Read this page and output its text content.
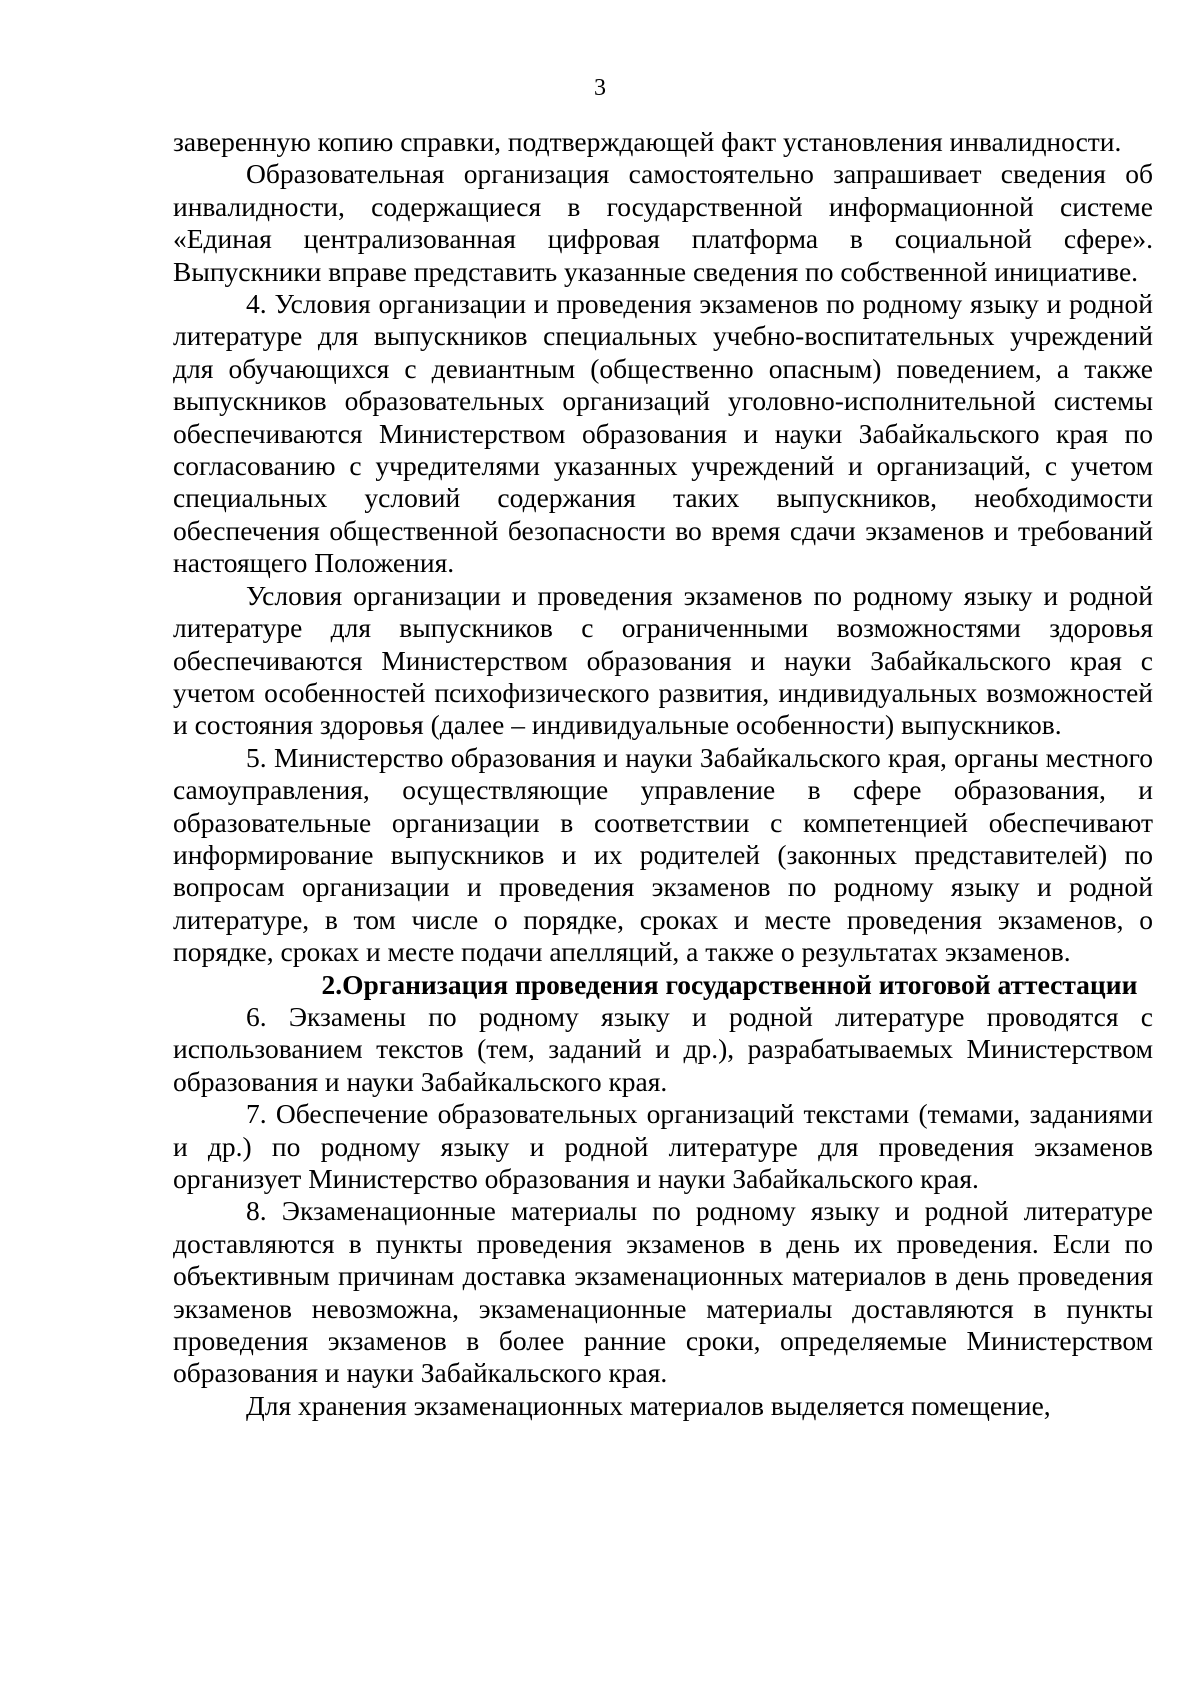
3

заверенную копию справки, подтверждающей факт установления инвалидности.

Образовательная организация самостоятельно запрашивает сведения об инвалидности, содержащиеся в государственной информационной системе «Единая централизованная цифровая платформа в социальной сфере». Выпускники вправе представить указанные сведения по собственной инициативе.

4. Условия организации и проведения экзаменов по родному языку и родной литературе для выпускников специальных учебно-воспитательных учреждений для обучающихся с девиантным (общественно опасным) поведением, а также выпускников образовательных организаций уголовно-исполнительной системы обеспечиваются Министерством образования и науки Забайкальского края по согласованию с учредителями указанных учреждений и организаций, с учетом специальных условий содержания таких выпускников, необходимости обеспечения общественной безопасности во время сдачи экзаменов и требований настоящего Положения.

Условия организации и проведения экзаменов по родному языку и родной литературе для выпускников с ограниченными возможностями здоровья обеспечиваются Министерством образования и науки Забайкальского края с учетом особенностей психофизического развития, индивидуальных возможностей и состояния здоровья (далее – индивидуальные особенности) выпускников.

5. Министерство образования и науки Забайкальского края, органы местного самоуправления, осуществляющие управление в сфере образования, и образовательные организации в соответствии с компетенцией обеспечивают информирование выпускников и их родителей (законных представителей) по вопросам организации и проведения экзаменов по родному языку и родной литературе, в том числе о порядке, сроках и месте проведения экзаменов, о порядке, сроках и месте подачи апелляций, а также о результатах экзаменов.

2.Организация проведения государственной итоговой аттестации

6. Экзамены по родному языку и родной литературе проводятся с использованием текстов (тем, заданий и др.), разрабатываемых Министерством образования и науки Забайкальского края.

7. Обеспечение образовательных организаций текстами (темами, заданиями и др.) по родному языку и родной литературе для проведения экзаменов организует Министерство образования и науки Забайкальского края.

8. Экзаменационные материалы по родному языку и родной литературе доставляются в пункты проведения экзаменов в день их проведения. Если по объективным причинам доставка экзаменационных материалов в день проведения экзаменов невозможна, экзаменационные материалы доставляются в пункты проведения экзаменов в более ранние сроки, определяемые Министерством образования и науки Забайкальского края.

Для хранения экзаменационных материалов выделяется помещение,
